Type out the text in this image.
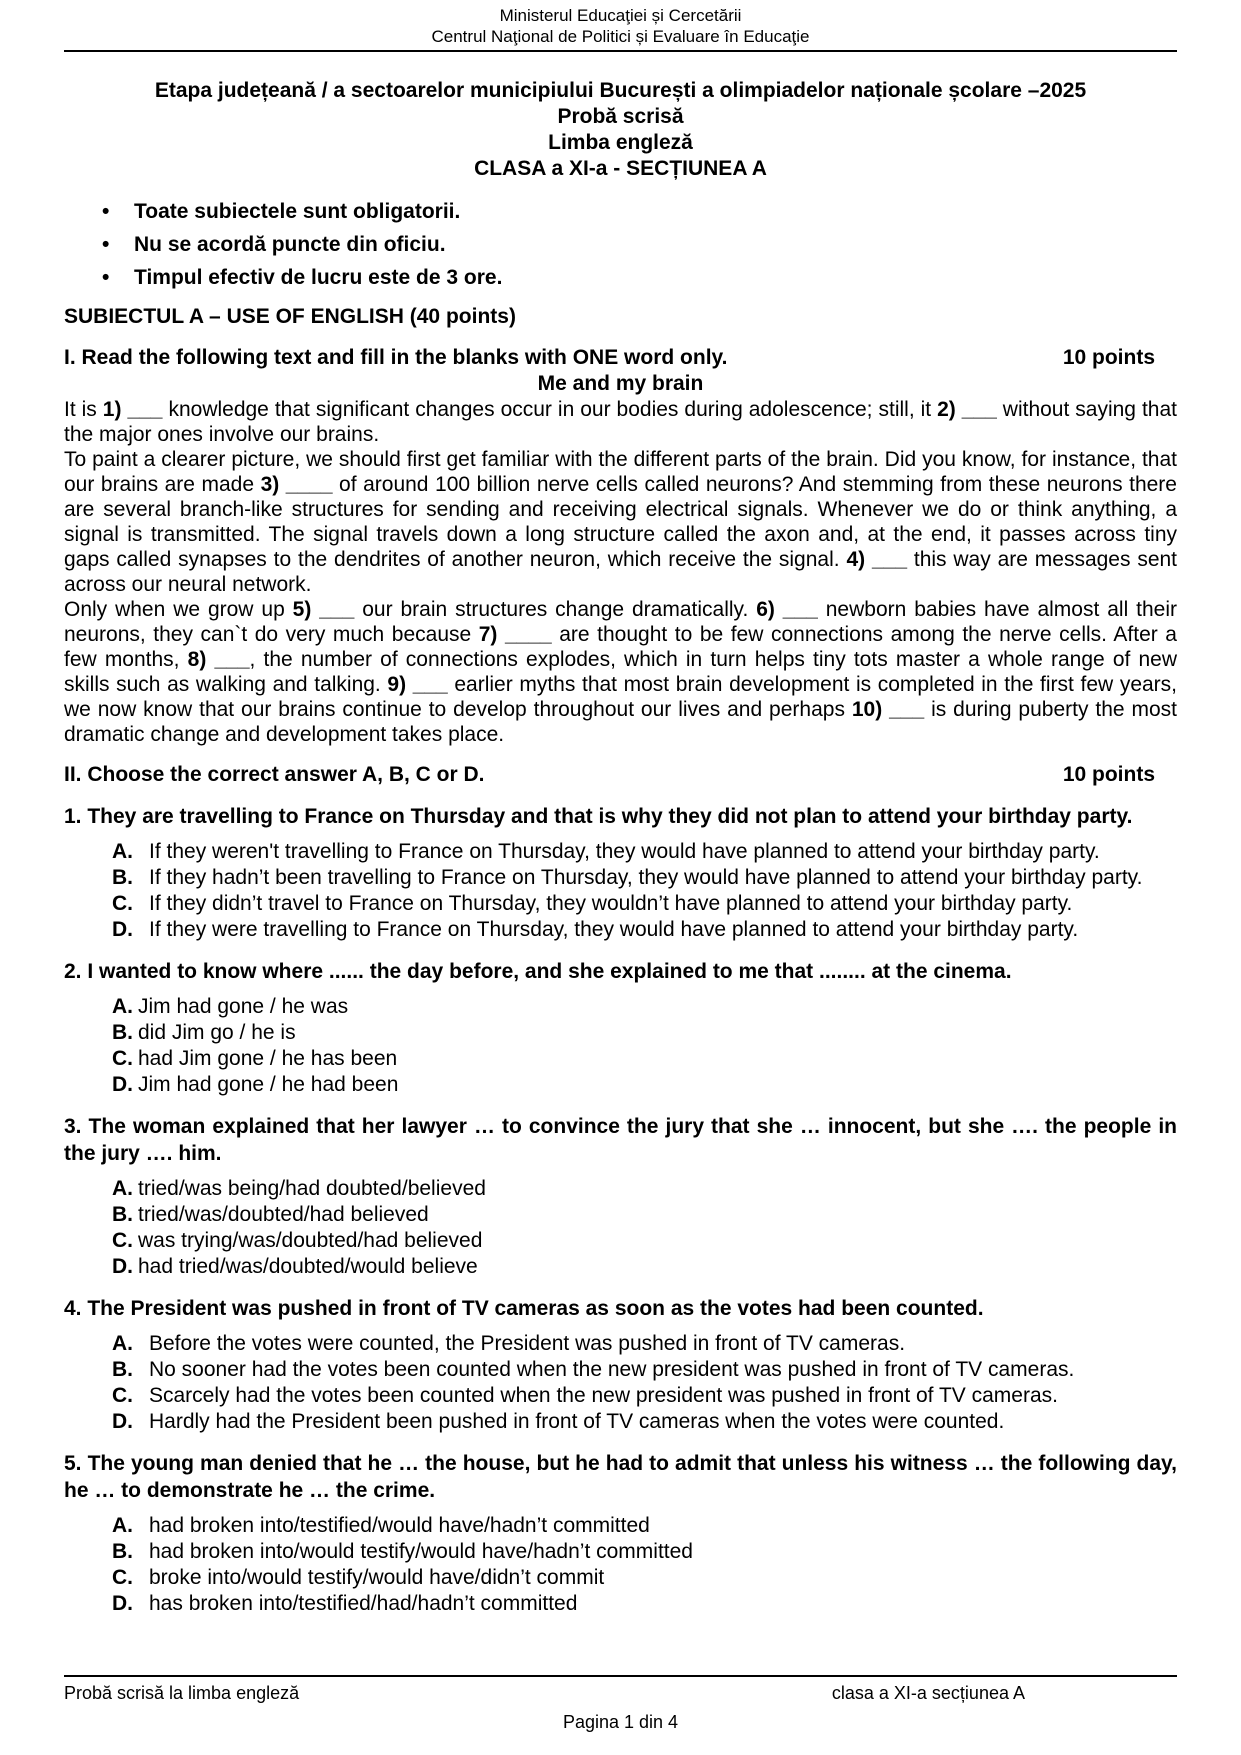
Ministerul Educaţiei și Cercetării
Centrul Naţional de Politici și Evaluare în Educaţie
Etapa județeană / a sectoarelor municipiului București a olimpiadelor naționale școlare –2025
Probă scrisă
Limba engleză
CLASA a XI-a - SECȚIUNEA A
• Toate subiectele sunt obligatorii.
• Nu se acordă puncte din oficiu.
• Timpul efectiv de lucru este de 3 ore.
SUBIECTUL A – USE OF ENGLISH (40 points)
I. Read the following text and fill in the blanks with ONE word only.	10 points
Me and my brain

It is 1) ___ knowledge that significant changes occur in our bodies during adolescence; still, it 2) ___ without saying that the major ones involve our brains.

To paint a clearer picture, we should first get familiar with the different parts of the brain. Did you know, for instance, that our brains are made 3) ____ of around 100 billion nerve cells called neurons? And stemming from these neurons there are several branch-like structures for sending and receiving electrical signals. Whenever we do or think anything, a signal is transmitted. The signal travels down a long structure called the axon and, at the end, it passes across tiny gaps called synapses to the dendrites of another neuron, which receive the signal. 4) ___ this way are messages sent across our neural network.

Only when we grow up 5) ___ our brain structures change dramatically. 6) ___ newborn babies have almost all their neurons, they can`t do very much because 7) ____ are thought to be few connections among the nerve cells. After a few months, 8) ___, the number of connections explodes, which in turn helps tiny tots master a whole range of new skills such as walking and talking. 9) ___ earlier myths that most brain development is completed in the first few years, we now know that our brains continue to develop throughout our lives and perhaps 10) ___ is during puberty the most dramatic change and development takes place.

II. Choose the correct answer A, B, C or D.	10 points

1. They are travelling to France on Thursday and that is why they did not plan to attend your birthday party.

A. If they weren't travelling to France on Thursday, they would have planned to attend your birthday party.
B. If they hadn’t been travelling to France on Thursday, they would have planned to attend your birthday party.
C. If they didn’t travel to France on Thursday, they wouldn’t have planned to attend your birthday party.
D. If they were travelling to France on Thursday, they would have planned to attend your birthday party.

2. I wanted to know where ...... the day before, and she explained to me that ........ at the cinema.

A. Jim had gone / he was
B. did Jim go / he is
C. had Jim gone / he has been
D. Jim had gone / he had been

3. The woman explained that her lawyer … to convince the jury that she … innocent, but she …. the people in the jury …. him.

A. tried/was being/had doubted/believed
B. tried/was/doubted/had believed
C. was trying/was/doubted/had believed
D. had tried/was/doubted/would believe

4. The President was pushed in front of TV cameras as soon as the votes had been counted.

A. Before the votes were counted, the President was pushed in front of TV cameras.
B. No sooner had the votes been counted when the new president was pushed in front of TV cameras.
C. Scarcely had the votes been counted when the new president was pushed in front of TV cameras.
D. Hardly had the President been pushed in front of TV cameras when the votes were counted.

5. The young man denied that he … the house, but he had to admit that unless his witness … the following day, he … to demonstrate he … the crime.

A. had broken into/testified/would have/hadn’t committed
B. had broken into/would testify/would have/hadn’t committed
C. broke into/would testify/would have/didn’t commit
D. has broken into/testified/had/hadn’t committed
Probă scrisă la limba engleză	clasa a XI-a secțiunea A
Pagina 1 din 4
